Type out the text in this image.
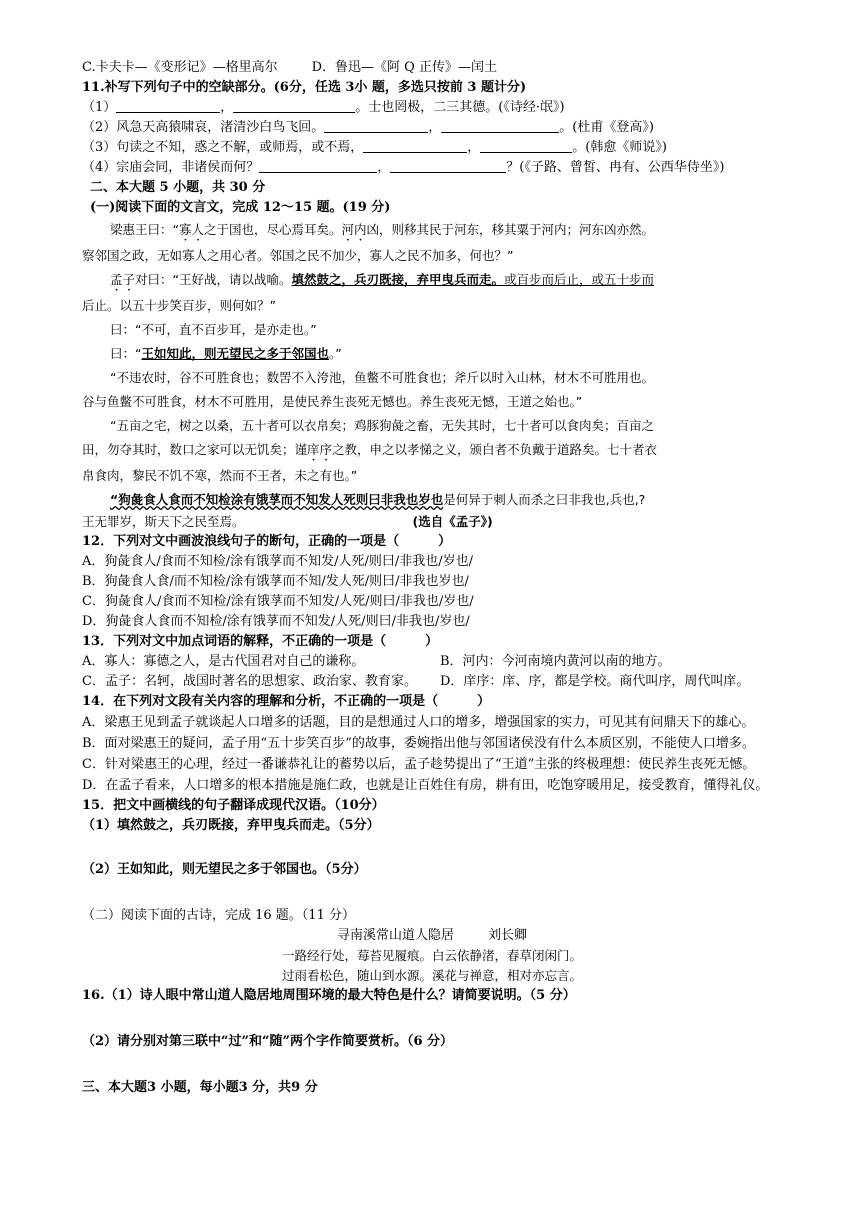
C.卡夫卡—《变形记》—格里高尔	D．鲁迅—《阿 Q 正传》—闰土
11.补写下列句子中的空缺部分。(6分，任选 3小 题，多选只按前 3 题计分)
（1）	，	。士也罔极，二三其德。(《诗经·氓》)
（2）风急天高猿啸哀，渚清沙白鸟飞回。	，	。(杜甫《登高》)
（3）句读之不知，惑之不解，或师焉，或不焉，	，	。(韩愈《师说》)
（4）宗庙会同，非诸侯而何？	，	？(《子路、曾皙、冉有、公西华侍坐》)
二、本大题 5 小题，共 30 分
(一)阅读下面的文言文，完成 12～15 题。(19 分)
梁惠王曰：“寡人之于国也，尽心焉耳矣。河内凶，则移其民于河东，移其粟于河内；河东凶亦然。
察邻国之政，无如寡人之用心者。邻国之民不加少，寡人之民不加多，何也？”
孟子对曰：“王好战，请以战喻。填然鼓之，兵刃既接，弃甲曳兵而走。或百步而后止，或五十步而
后止。以五十步笑百步，则何如？”
曰：“不可，直不百步耳，是亦走也。”
曰：“王如知此，则无望民之多于邻国也。”
“不违农时，谷不可胜食也；数罟不入洿池，鱼鳖不可胜食也；斧斤以时入山林，材木不可胜用也。
谷与鱼鳖不可胜食，材木不可胜用，是使民养生丧死无憾也。养生丧死无憾，王道之始也。”
“五亩之宅，树之以桑，五十者可以衣帛矣；鸡豚狗彘之畜，无失其时，七十者可以食肉矣；百亩之
田，勿夺其时，数口之家可以无饥矣；谨庠序之教，申之以孝悌之义，颁白者不负戴于道路矣。七十者衣
帛食肉，黎民不饥不寒，然而不王者，未之有也。”
“狗彘食人食而不知检涂有饿莩而不知发人死则曰非我也岁也是何异于刺人而杀之曰非我也,兵也,?
王无罪岁，斯天下之民至焉。	(选自《孟子》)
12．下列对文中画波浪线句子的断句，正确的一项是（　　　）
A．狗彘食人/食而不知检/涂有饿莩而不知发/人死/则曰/非我也/岁也/
B．狗彘食人食/而不知检/涂有饿莩而不知/发人死/则曰/非我也岁也/
C．狗彘食人/食而不知检/涂有饿莩而不知发/人死/则曰/非我也/岁也/
D．狗彘食人食而不知检/涂有饿莩而不知发/人死/则曰/非我也/岁也/
13．下列对文中加点词语的解释，不正确的一项是（　　　）
A．寡人：寡德之人，是古代国君对自己的谦称。	B．河内：今河南境内黄河以南的地方。
C．孟子：名轲，战国时著名的思想家、政治家、教育家。 D．庠序：庠、序，都是学校。商代叫序，周代叫庠。
14．在下列对文段有关内容的理解和分析，不正确的一项是（　　　）

A．梁惠王见到孟子就谈起人口增多的话题，目的是想通过人口的增多，增强国家的实力，可见其有问鼎天下的雄心。

B．面对梁惠王的疑问，孟子用“五十步笑百步”的故事，委婉指出他与邻国诸侯没有什么本质区别，不能使人口增多。

C．针对梁惠王的心理，经过一番谦恭礼让的蓄势以后，孟子趁势提出了“王道”主张的终极理想：使民养生丧死无憾。

D．在孟子看来，人口增多的根本措施是施仁政，也就是让百姓住有房，耕有田，吃饱穿暖用足，接受教育，懂得礼仪。

15．把文中画横线的句子翻译成现代汉语。（10分）
（1）填然鼓之，兵刃既接，弃甲曳兵而走。（5分）
（2）王如知此，则无望民之多于邻国也。（5分）
（二）阅读下面的古诗，完成 16 题。（11 分）
寻南溪常山道人隐居	刘长卿
一路经行处，莓苔见履痕。白云依静渚，春草闭闲门。
过雨看松色，随山到水源。溪花与禅意，相对亦忘言。
16.（1）诗人眼中常山道人隐居地周围环境的最大特色是什么？请简要说明。（5 分）
（2）请分别对第三联中“过”和“随”两个字作简要赏析。（6 分）
三、本大题3 小题，每小题3 分，共9 分
